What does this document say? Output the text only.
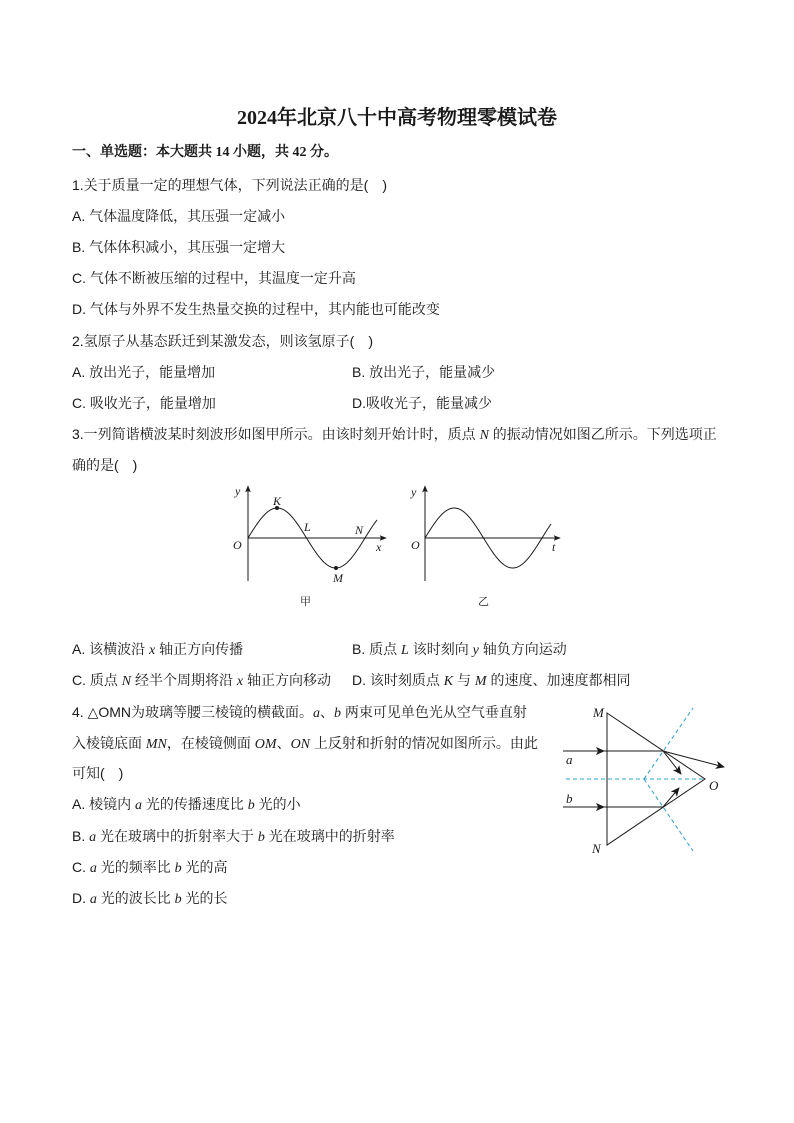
2024年北京八十中高考物理零模试卷
一、单选题：本大题共 14 小题，共 42 分。
1.关于质量一定的理想气体，下列说法正确的是(　)
A. 气体温度降低，其压强一定减小
B. 气体体积减小，其压强一定增大
C. 气体不断被压缩的过程中，其温度一定升高
D. 气体与外界不发生热量交换的过程中，其内能也可能改变
2.氢原子从基态跃迁到某激发态，则该氢原子(　)
A. 放出光子，能量增加	B. 放出光子，能量减少
C. 吸收光子，能量增加	D.吸收光子，能量减少
3.一列简谐横波某时刻波形如图甲所示。由该时刻开始计时，质点 N 的振动情况如图乙所示。下列选项正
确的是(　)
y
O	x
K
L
M
N
甲
y
O	t
乙
A. 该横波沿 x 轴正方向传播	B. 质点 L 该时刻向 y 轴负方向运动
C. 质点 N 经半个周期将沿 x 轴正方向移动 D. 该时刻质点 K 与 M 的速度、加速度都相同
4. △OMN为玻璃等腰三棱镜的横截面。a、b 两束可见单色光从空气垂直射
入棱镜底面 MN，在棱镜侧面 OM、ON 上反射和折射的情况如图所示。由此
可知(　)
A. 棱镜内 a 光的传播速度比 b 光的小
B. a 光在玻璃中的折射率大于 b 光在玻璃中的折射率
C. a 光的频率比 b 光的高
D. a 光的波长比 b 光的长
M
N
O
a
b
